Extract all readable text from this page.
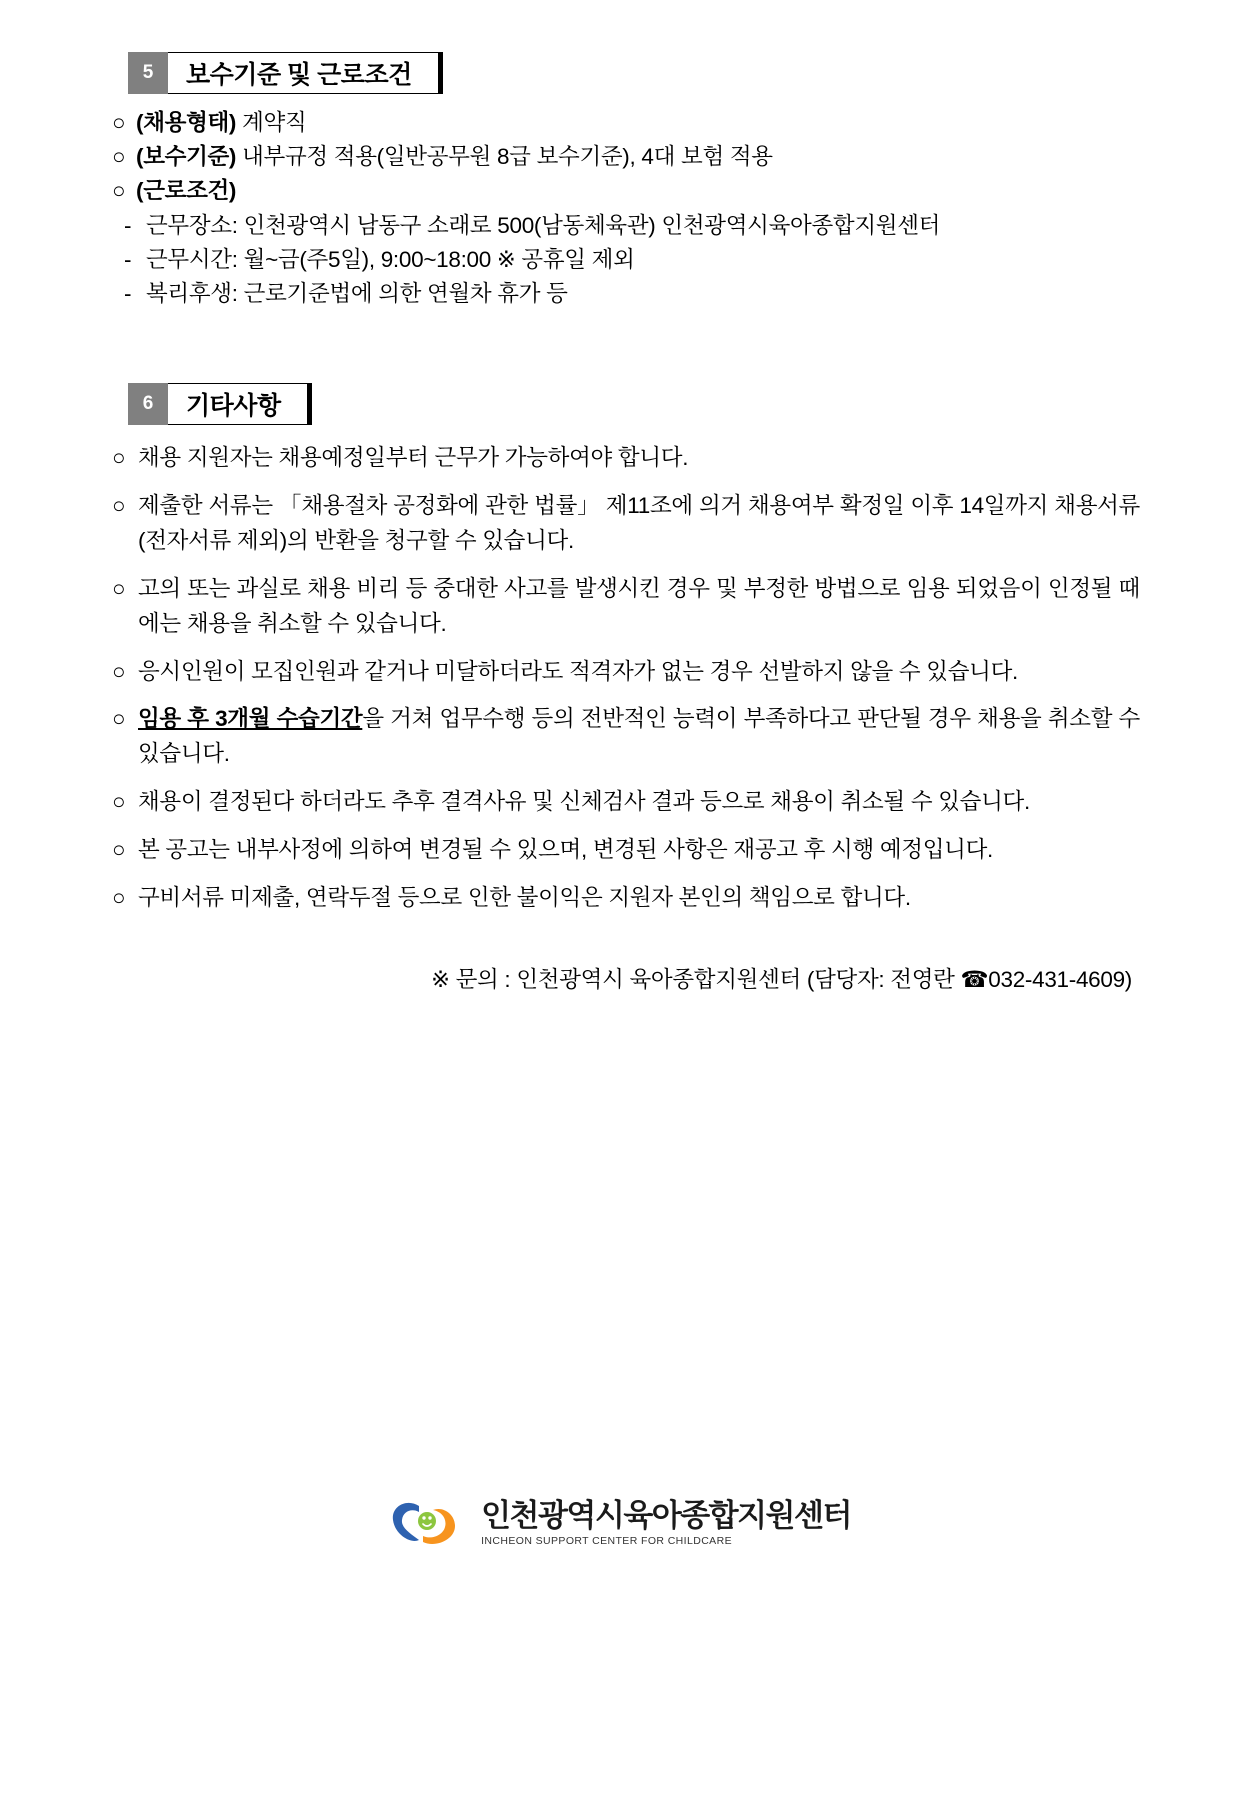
5	보수기준 및 근로조건
○ (채용형태) 계약직
○ (보수기준) 내부규정 적용(일반공무원 8급 보수기준), 4대 보험 적용
○ (근로조건)
- 근무장소: 인천광역시 남동구 소래로 500(남동체육관) 인천광역시육아종합지원센터
- 근무시간: 월~금(주5일), 9:00~18:00 ※ 공휴일 제외
- 복리후생: 근로기준법에 의한 연월차 휴가 등
6	기타사항
○ 채용 지원자는 채용예정일부터 근무가 가능하여야 합니다.
○ 제출한 서류는 「채용절차 공정화에 관한 법률」 제11조에 의거 채용여부 확정일 이후 14일까지 채용서류(전자서류 제외)의 반환을 청구할 수 있습니다.
○ 고의 또는 과실로 채용 비리 등 중대한 사고를 발생시킨 경우 및 부정한 방법으로 임용 되었음이 인정될 때에는 채용을 취소할 수 있습니다.
○ 응시인원이 모집인원과 같거나 미달하더라도 적격자가 없는 경우 선발하지 않을 수 있습니다.
○ 임용 후 3개월 수습기간을 거쳐 업무수행 등의 전반적인 능력이 부족하다고 판단될 경우 채용을 취소할 수 있습니다.
○ 채용이 결정된다 하더라도 추후 결격사유 및 신체검사 결과 등으로 채용이 취소될 수 있습니다.
○ 본 공고는 내부사정에 의하여 변경될 수 있으며, 변경된 사항은 재공고 후 시행 예정입니다.
○ 구비서류 미제출, 연락두절 등으로 인한 불이익은 지원자 본인의 책임으로 합니다.
※ 문의 : 인천광역시 육아종합지원센터 (담당자: 전영란 ☎032-431-4609)
인천광역시육아종합지원센터
INCHEON SUPPORT CENTER FOR CHILDCARE
